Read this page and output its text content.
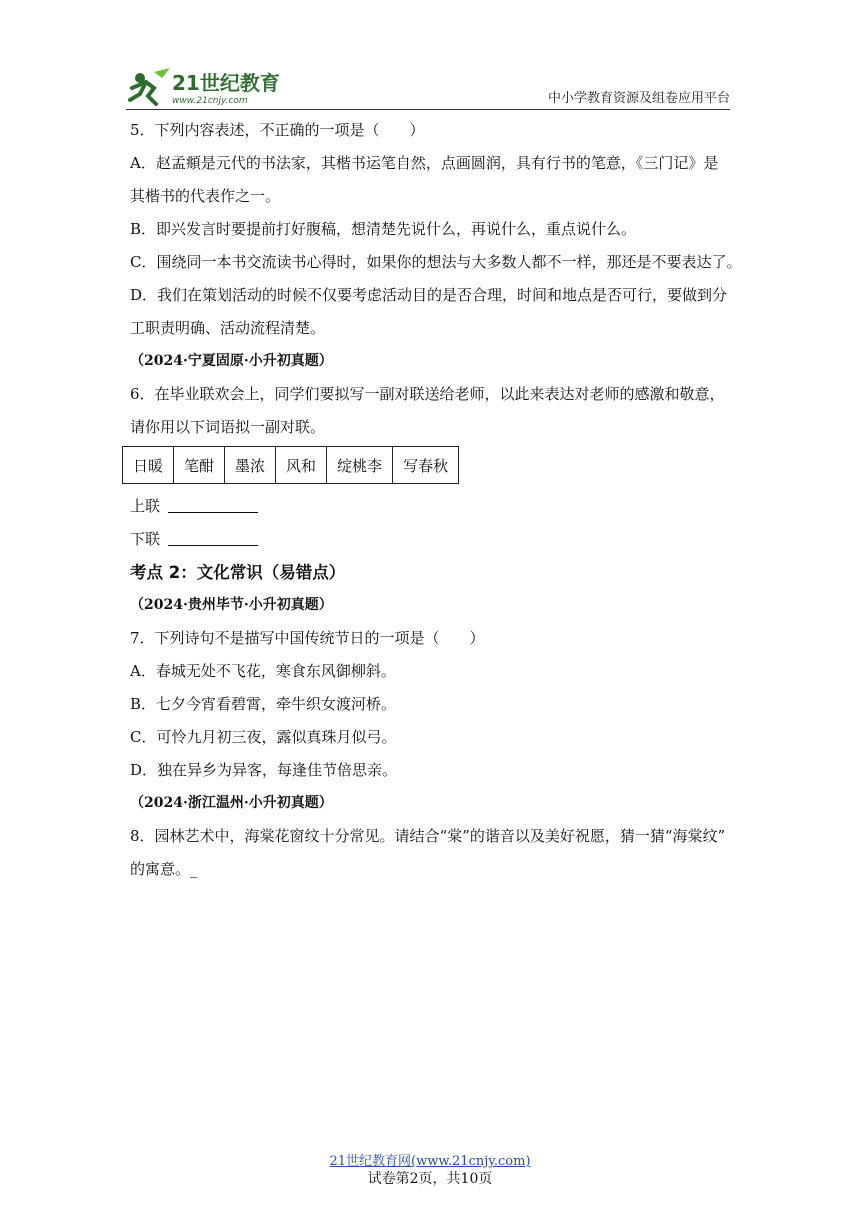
21世纪教育
www.21cnjy.com	中小学教育资源及组卷应用平台

5．下列内容表述，不正确的一项是（　　）

A．赵孟頫是元代的书法家，其楷书运笔自然，点画圆润，具有行书的笔意，《三门记》是

其楷书的代表作之一。

B．即兴发言时要提前打好腹稿，想清楚先说什么，再说什么，重点说什么。

C．围绕同一本书交流读书心得时，如果你的想法与大多数人都不一样，那还是不要表达了。

D．我们在策划活动的时候不仅要考虑活动目的是否合理，时间和地点是否可行，要做到分

工职责明确、活动流程清楚。

（2024·宁夏固原·小升初真题）

6．在毕业联欢会上，同学们要拟写一副对联送给老师，以此来表达对老师的感激和敬意，

请你用以下词语拟一副对联。

日暖	笔酣	墨浓	风和	绽桃李	写春秋

上联

下联

考点 2：文化常识（易错点）

（2024·贵州毕节·小升初真题）

7．下列诗句不是描写中国传统节日的一项是（　　）

A．春城无处不飞花，寒食东风御柳斜。

B．七夕今宵看碧霄，牵牛织女渡河桥。

C．可怜九月初三夜，露似真珠月似弓。

D．独在异乡为异客，每逢佳节倍思亲。

（2024·浙江温州·小升初真题）

8．园林艺术中，海棠花窗纹十分常见。请结合“棠”的谐音以及美好祝愿，猜一猜“海棠纹”

的寓意。_

21世纪教育网(www.21cnjy.com)
试卷第2页，共10页
